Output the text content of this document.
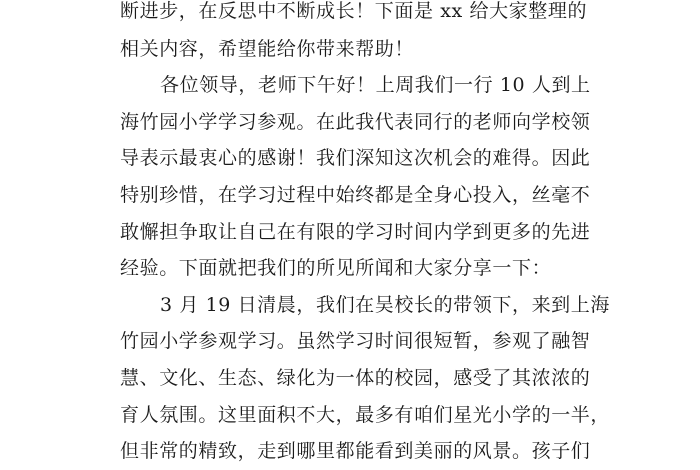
断进步，在反思中不断成长！下面是 xx 给大家整理的
相关内容，希望能给你带来帮助！
各位领导，老师下午好！上周我们一行 10 人到上
海竹园小学学习参观。在此我代表同行的老师向学校领
导表示最衷心的感谢！我们深知这次机会的难得。因此
特别珍惜，在学习过程中始终都是全身心投入，丝毫不
敢懈担争取让自己在有限的学习时间内学到更多的先进
经验。下面就把我们的所见所闻和大家分享一下：
3 月 19 日清晨，我们在吴校长的带领下，来到上海
竹园小学参观学习。虽然学习时间很短暂，参观了融智
慧、文化、生态、绿化为一体的校园，感受了其浓浓的
育人氛围。这里面积不大，最多有咱们星光小学的一半，
但非常的精致，走到哪里都能看到美丽的风景。孩子们
